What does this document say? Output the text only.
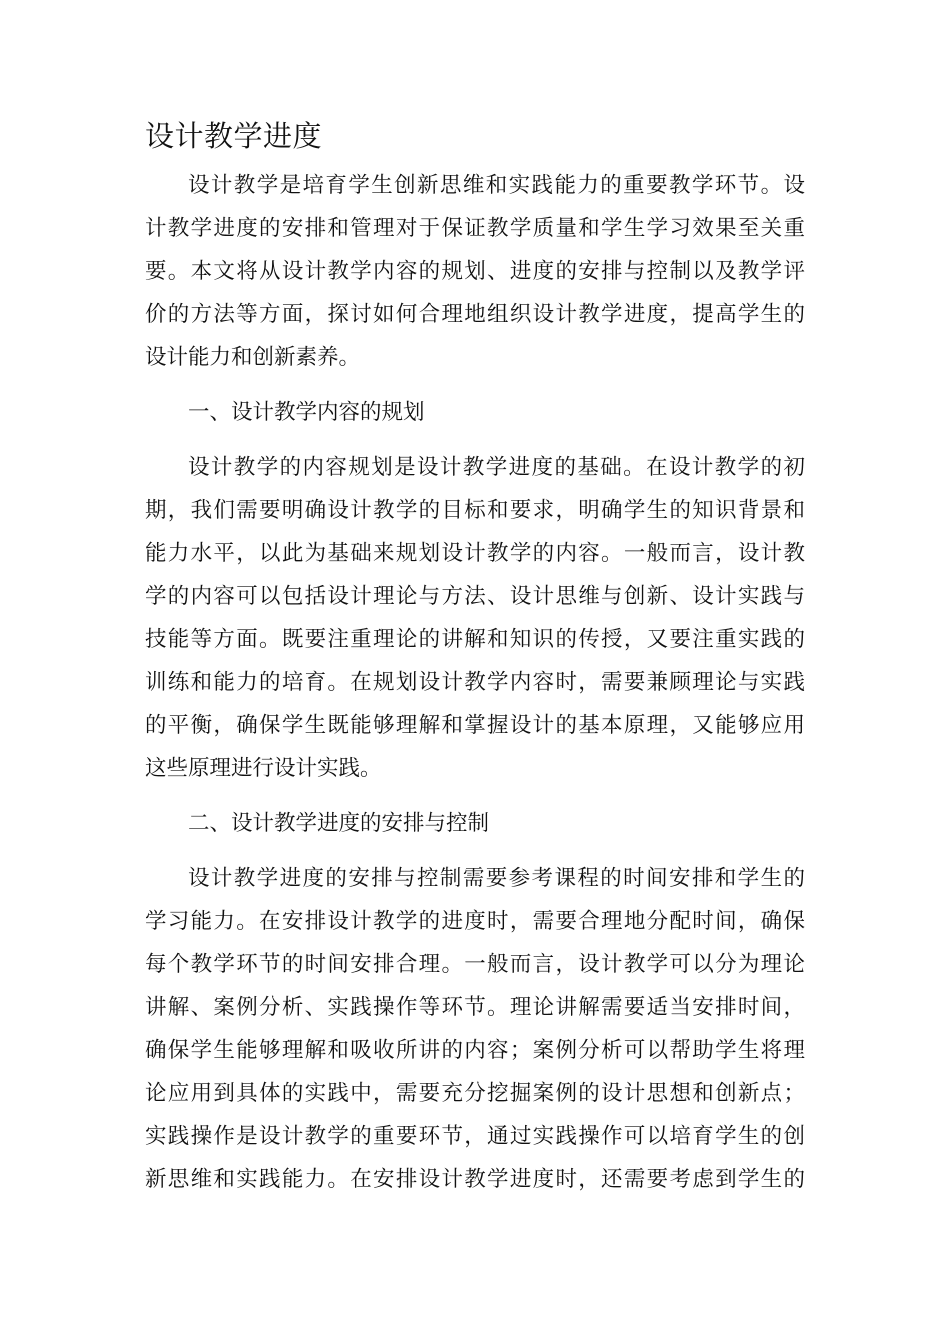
设计教学进度
设计教学是培育学生创新思维和实践能力的重要教学环节。设
计教学进度的安排和管理对于保证教学质量和学生学习效果至关重
要。本文将从设计教学内容的规划、进度的安排与控制以及教学评
价的方法等方面，探讨如何合理地组织设计教学进度，提高学生的
设计能力和创新素养。
一、设计教学内容的规划
设计教学的内容规划是设计教学进度的基础。在设计教学的初
期，我们需要明确设计教学的目标和要求，明确学生的知识背景和
能力水平，以此为基础来规划设计教学的内容。一般而言，设计教
学的内容可以包括设计理论与方法、设计思维与创新、设计实践与
技能等方面。既要注重理论的讲解和知识的传授，又要注重实践的
训练和能力的培育。在规划设计教学内容时，需要兼顾理论与实践
的平衡，确保学生既能够理解和掌握设计的基本原理，又能够应用
这些原理进行设计实践。
二、设计教学进度的安排与控制
设计教学进度的安排与控制需要参考课程的时间安排和学生的
学习能力。在安排设计教学的进度时，需要合理地分配时间，确保
每个教学环节的时间安排合理。一般而言，设计教学可以分为理论
讲解、案例分析、实践操作等环节。理论讲解需要适当安排时间，
确保学生能够理解和吸收所讲的内容；案例分析可以帮助学生将理
论应用到具体的实践中，需要充分挖掘案例的设计思想和创新点；
实践操作是设计教学的重要环节，通过实践操作可以培育学生的创
新思维和实践能力。在安排设计教学进度时，还需要考虑到学生的
